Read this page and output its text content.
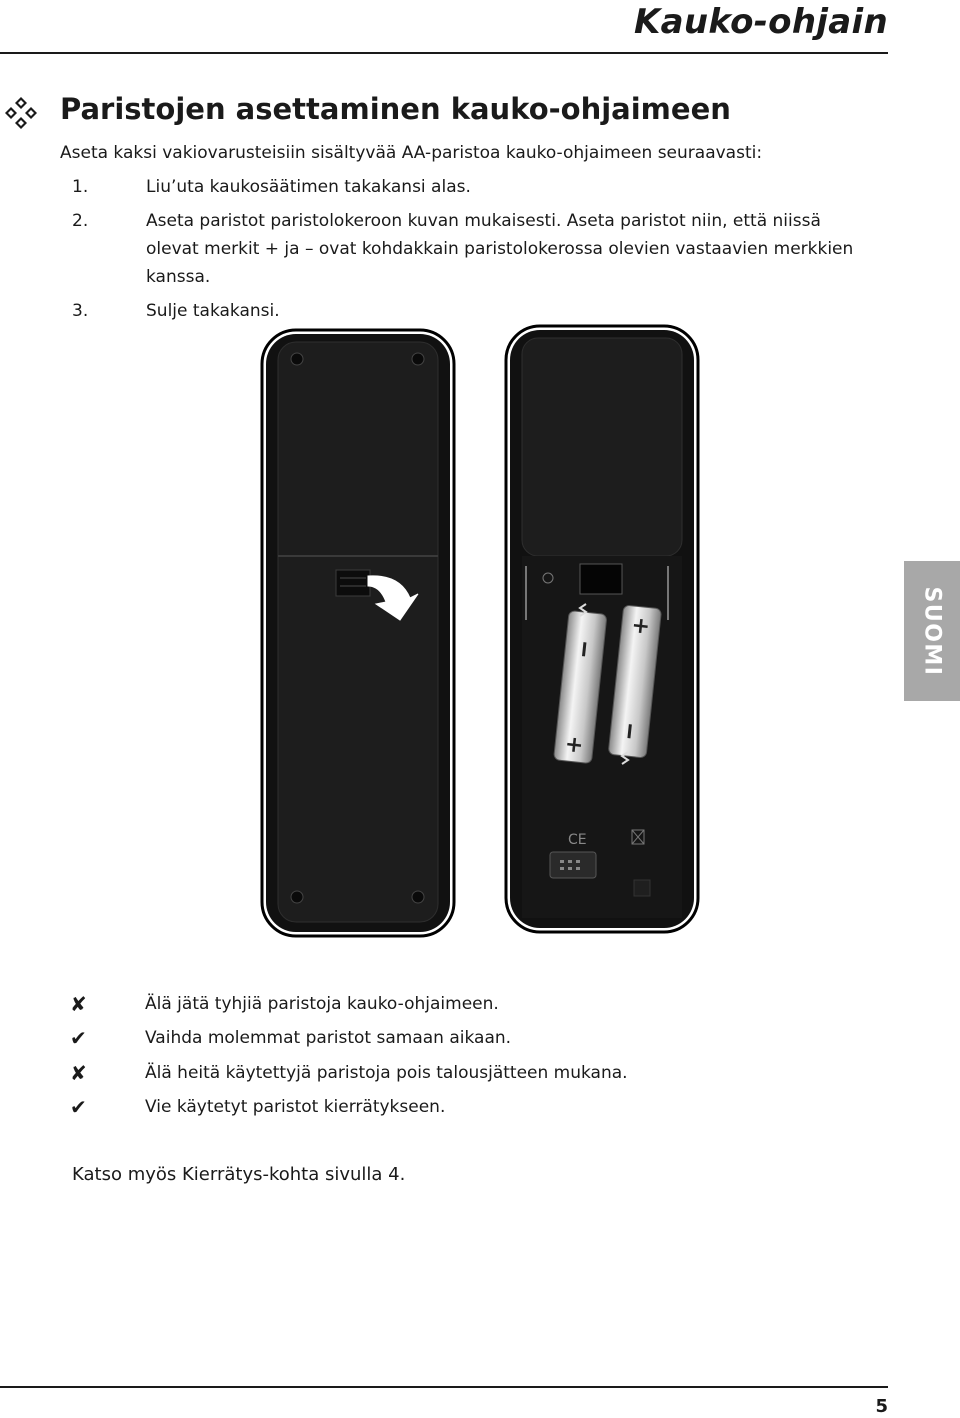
Kauko-ohjain
Paristojen asettaminen kauko-ohjaimeen

Aseta kaksi vakiovarusteisiin sisältyvää AA-paristoa kauko-ohjaimeen seuraavasti:

1.	Liu’uta kaukosäätimen takakansi alas.

2.	Aseta paristot paristolokeroon kuvan mukaisesti. Aseta paristot niin, että niissä olevat merkit + ja – ovat kohdakkain paristolokerossa olevien vastaavien merkkien kanssa.

3.	Sulje takakansi.

+
+
CE
SUOMI
✘	Älä jätä tyhjiä paristoja kauko-ohjaimeen.
✔	Vaihda molemmat paristot samaan aikaan.
✘	Älä heitä käytettyjä paristoja pois talousjätteen mukana.
✔	Vie käytetyt paristot kierrätykseen.

Katso myös Kierrätys-kohta sivulla 4.

5
